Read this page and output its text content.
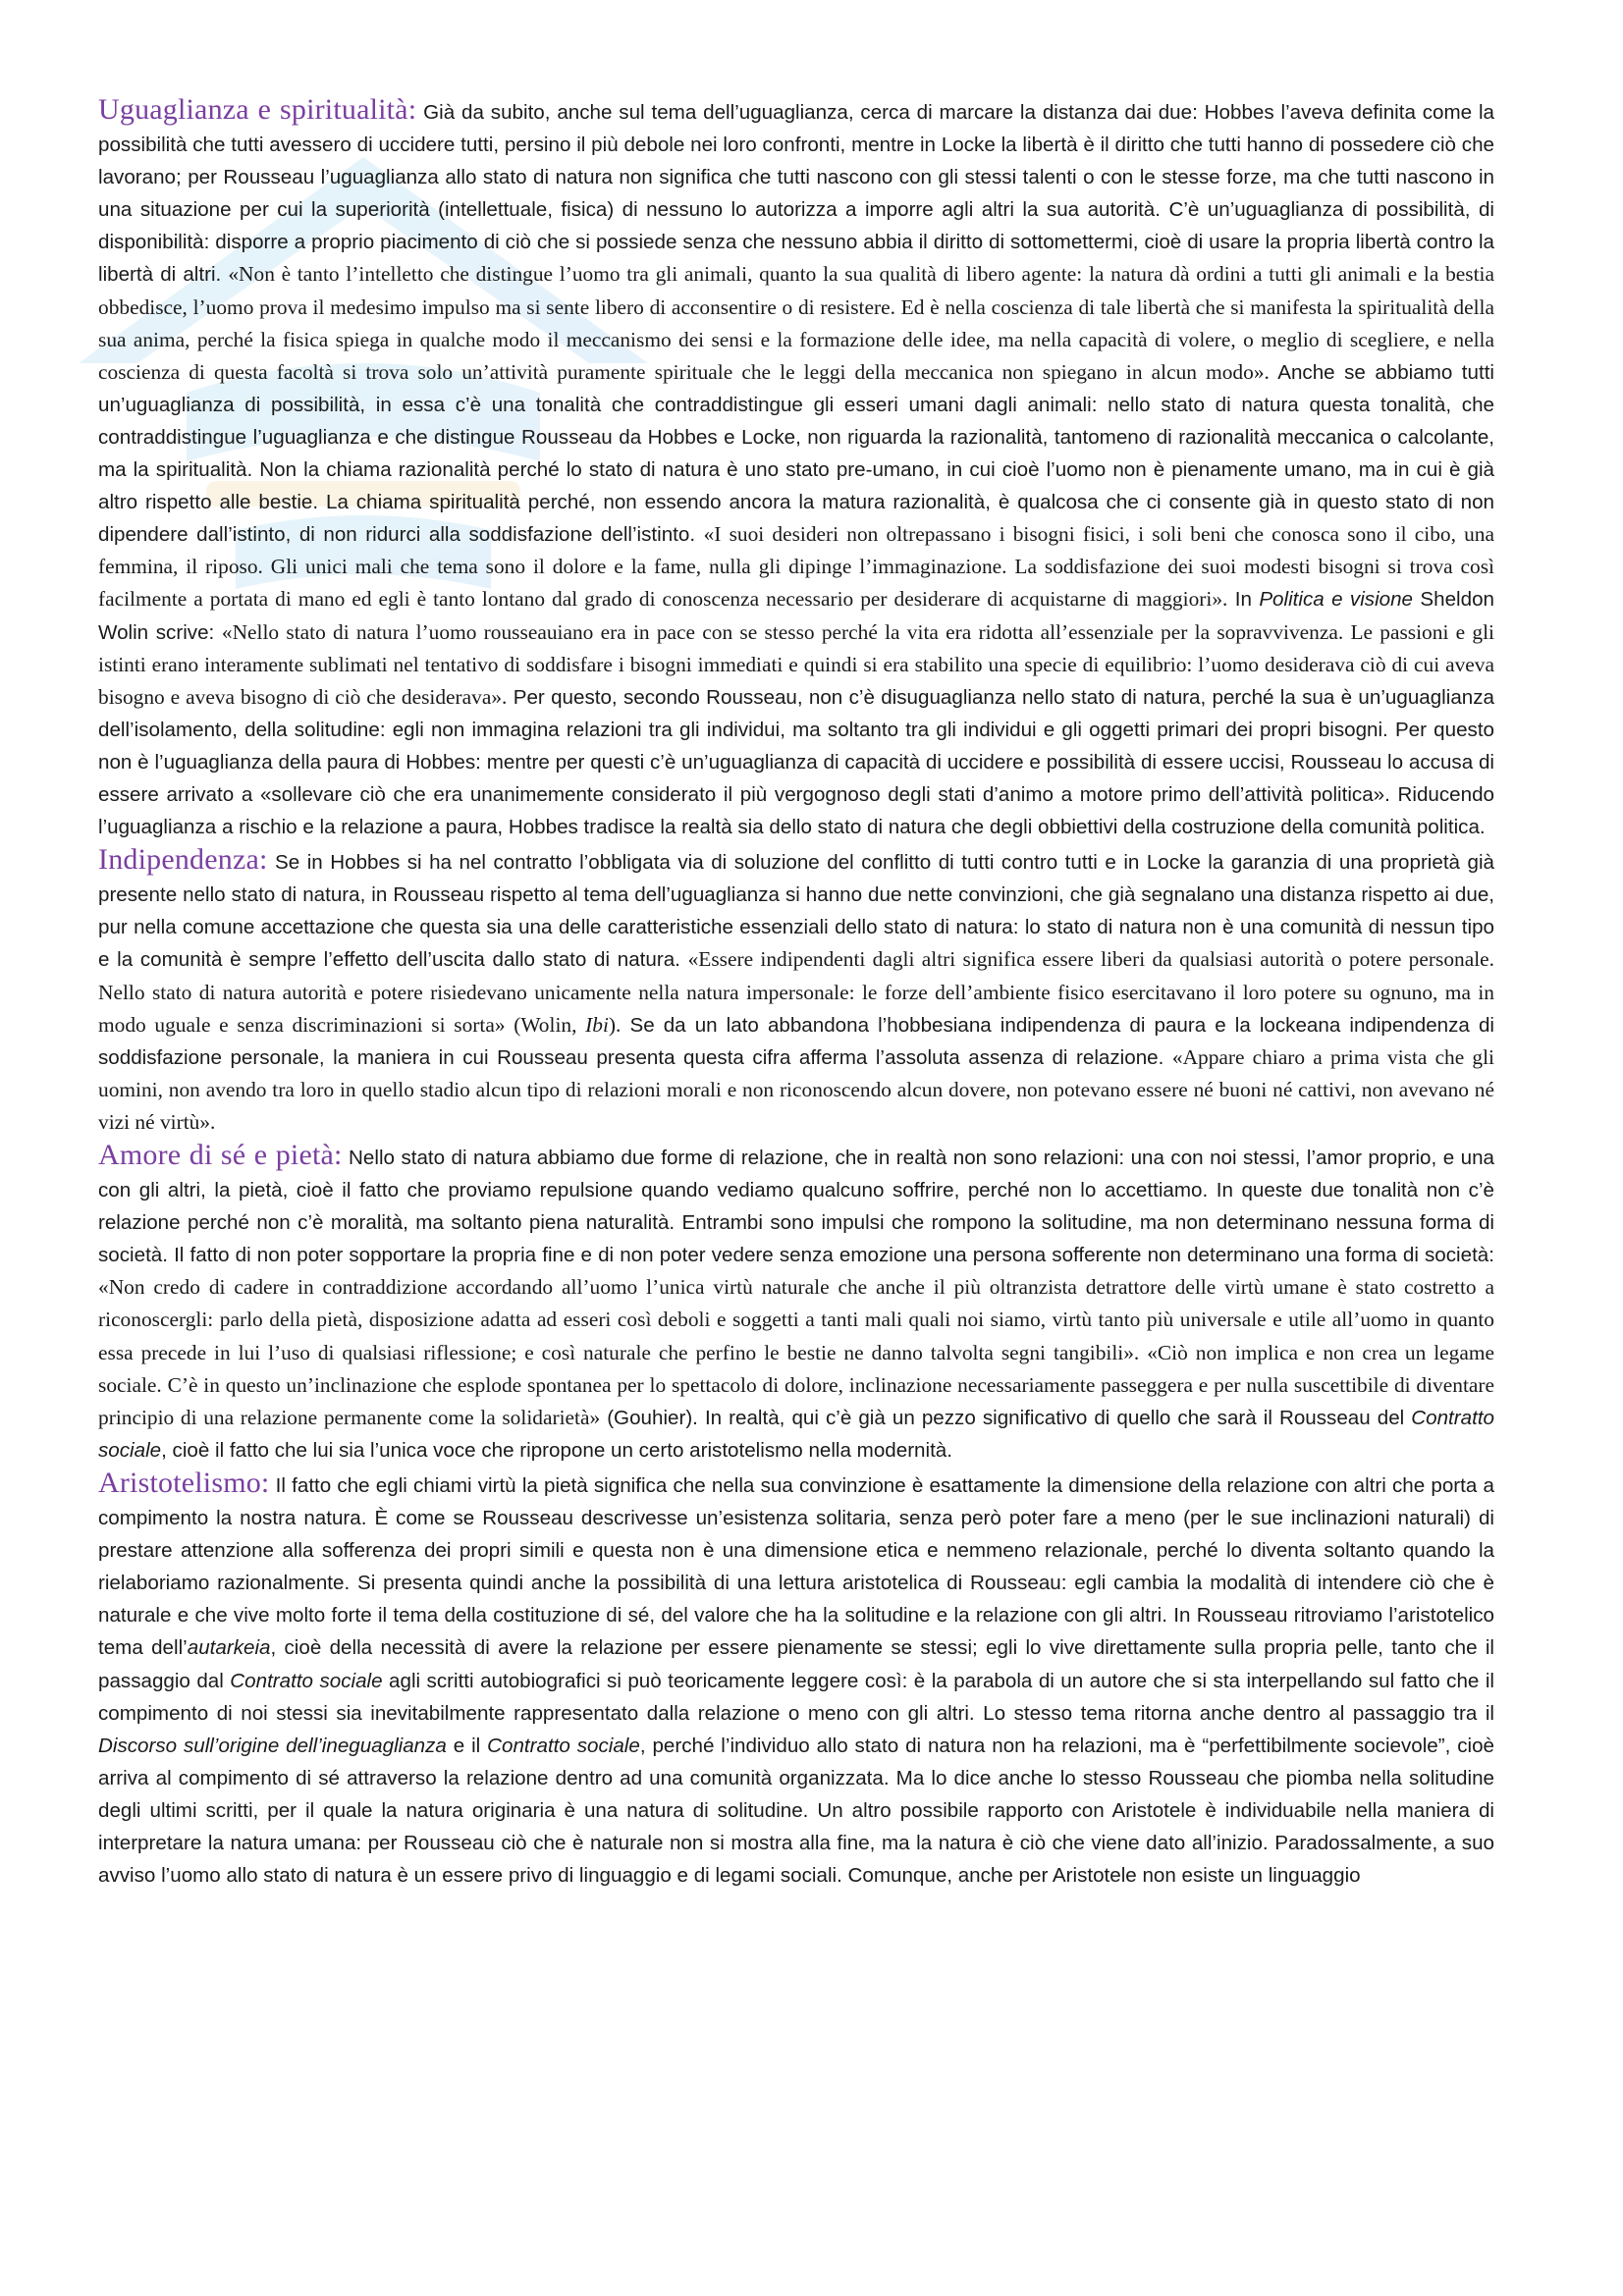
Uguaglianza e spiritualità: Già da subito, anche sul tema dell’uguaglianza, cerca di marcare la distanza dai due: Hobbes l’aveva definita come la possibilità che tutti avessero di uccidere tutti, persino il più debole nei loro confronti, mentre in Locke la libertà è il diritto che tutti hanno di possedere ciò che lavorano; per Rousseau l’uguaglianza allo stato di natura non significa che tutti nascono con gli stessi talenti o con le stesse forze, ma che tutti nascono in una situazione per cui la superiorità (intellettuale, fisica) di nessuno lo autorizza a imporre agli altri la sua autorità. C’è un’uguaglianza di possibilità, di disponibilità: disporre a proprio piacimento di ciò che si possiede senza che nessuno abbia il diritto di sottomettermi, cioè di usare la propria libertà contro la libertà di altri. «Non è tanto l’intelletto che distingue l’uomo tra gli animali, quanto la sua qualità di libero agente: la natura dà ordini a tutti gli animali e la bestia obbedisce, l’uomo prova il medesimo impulso ma si sente libero di acconsentire o di resistere. Ed è nella coscienza di tale libertà che si manifesta la spiritualità della sua anima, perché la fisica spiega in qualche modo il meccanismo dei sensi e la formazione delle idee, ma nella capacità di volere, o meglio di scegliere, e nella coscienza di questa facoltà si trova solo un’attività puramente spirituale che le leggi della meccanica non spiegano in alcun modo». Anche se abbiamo tutti un’uguaglianza di possibilità, in essa c’è una tonalità che contraddistingue gli esseri umani dagli animali: nello stato di natura questa tonalità, che contraddistingue l’uguaglianza e che distingue Rousseau da Hobbes e Locke, non riguarda la razionalità, tantomeno di razionalità meccanica o calcolante, ma la spiritualità. Non la chiama razionalità perché lo stato di natura è uno stato pre-umano, in cui cioè l’uomo non è pienamente umano, ma in cui è già altro rispetto alle bestie. La chiama spiritualità perché, non essendo ancora la matura razionalità, è qualcosa che ci consente già in questo stato di non dipendere dall’istinto, di non ridurci alla soddisfazione dell’istinto. «I suoi desideri non oltrepassano i bisogni fisici, i soli beni che conosca sono il cibo, una femmina, il riposo. Gli unici mali che tema sono il dolore e la fame, nulla gli dipinge l’immaginazione. La soddisfazione dei suoi modesti bisogni si trova così facilmente a portata di mano ed egli è tanto lontano dal grado di conoscenza necessario per desiderare di acquistarne di maggiori». In Politica e visione Sheldon Wolin scrive: «Nello stato di natura l’uomo rousseauiano era in pace con se stesso perché la vita era ridotta all’essenziale per la sopravvivenza. Le passioni e gli istinti erano interamente sublimati nel tentativo di soddisfare i bisogni immediati e quindi si era stabilito una specie di equilibrio: l’uomo desiderava ciò di cui aveva bisogno e aveva bisogno di ciò che desiderava». Per questo, secondo Rousseau, non c’è disuguaglianza nello stato di natura, perché la sua è un’uguaglianza dell’isolamento, della solitudine: egli non immagina relazioni tra gli individui, ma soltanto tra gli individui e gli oggetti primari dei propri bisogni. Per questo non è l’uguaglianza della paura di Hobbes: mentre per questi c’è un’uguaglianza di capacità di uccidere e possibilità di essere uccisi, Rousseau lo accusa di essere arrivato a «sollevare ciò che era unanimemente considerato il più vergognoso degli stati d’animo a motore primo dell’attività politica». Riducendo l’uguaglianza a rischio e la relazione a paura, Hobbes tradisce la realtà sia dello stato di natura che degli obbiettivi della costruzione della comunità politica.

Indipendenza: Se in Hobbes si ha nel contratto l’obbligata via di soluzione del conflitto di tutti contro tutti e in Locke la garanzia di una proprietà già presente nello stato di natura, in Rousseau rispetto al tema dell’uguaglianza si hanno due nette convinzioni, che già segnalano una distanza rispetto ai due, pur nella comune accettazione che questa sia una delle caratteristiche essenziali dello stato di natura: lo stato di natura non è una comunità di nessun tipo e la comunità è sempre l’effetto dell’uscita dallo stato di natura. «Essere indipendenti dagli altri significa essere liberi da qualsiasi autorità o potere personale. Nello stato di natura autorità e potere risiedevano unicamente nella natura impersonale: le forze dell’ambiente fisico esercitavano il loro potere su ognuno, ma in modo uguale e senza discriminazioni si sorta» (Wolin, Ibi). Se da un lato abbandona l’hobbesiana indipendenza di paura e la lockeana indipendenza di soddisfazione personale, la maniera in cui Rousseau presenta questa cifra afferma l’assoluta assenza di relazione. «Appare chiaro a prima vista che gli uomini, non avendo tra loro in quello stadio alcun tipo di relazioni morali e non riconoscendo alcun dovere, non potevano essere né buoni né cattivi, non avevano né vizi né virtù».

Amore di sé e pietà: Nello stato di natura abbiamo due forme di relazione, che in realtà non sono relazioni: una con noi stessi, l’amor proprio, e una con gli altri, la pietà, cioè il fatto che proviamo repulsione quando vediamo qualcuno soffrire, perché non lo accettiamo. In queste due tonalità non c’è relazione perché non c’è moralità, ma soltanto piena naturalità. Entrambi sono impulsi che rompono la solitudine, ma non determinano nessuna forma di società. Il fatto di non poter sopportare la propria fine e di non poter vedere senza emozione una persona sofferente non determinano una forma di società: «Non credo di cadere in contraddizione accordando all’uomo l’unica virtù naturale che anche il più oltranzista detrattore delle virtù umane è stato costretto a riconoscergli: parlo della pietà, disposizione adatta ad esseri così deboli e soggetti a tanti mali quali noi siamo, virtù tanto più universale e utile all’uomo in quanto essa precede in lui l’uso di qualsiasi riflessione; e così naturale che perfino le bestie ne danno talvolta segni tangibili». «Ciò non implica e non crea un legame sociale. C’è in questo un’inclinazione che esplode spontanea per lo spettacolo di dolore, inclinazione necessariamente passeggera e per nulla suscettibile di diventare principio di una relazione permanente come la solidarietà» (Gouhier). In realtà, qui c’è già un pezzo significativo di quello che sarà il Rousseau del Contratto sociale, cioè il fatto che lui sia l’unica voce che ripropone un certo aristotelismo nella modernità.

Aristotelismo: Il fatto che egli chiami virtù la pietà significa che nella sua convinzione è esattamente la dimensione della relazione con altri che porta a compimento la nostra natura. È come se Rousseau descrivesse un’esistenza solitaria, senza però poter fare a meno (per le sue inclinazioni naturali) di prestare attenzione alla sofferenza dei propri simili e questa non è una dimensione etica e nemmeno relazionale, perché lo diventa soltanto quando la rielaboriamo razionalmente. Si presenta quindi anche la possibilità di una lettura aristotelica di Rousseau: egli cambia la modalità di intendere ciò che è naturale e che vive molto forte il tema della costituzione di sé, del valore che ha la solitudine e la relazione con gli altri. In Rousseau ritroviamo l’aristotelico tema dell’autarkeia, cioè della necessità di avere la relazione per essere pienamente se stessi; egli lo vive direttamente sulla propria pelle, tanto che il passaggio dal Contratto sociale agli scritti autobiografici si può teoricamente leggere così: è la parabola di un autore che si sta interpellando sul fatto che il compimento di noi stessi sia inevitabilmente rappresentato dalla relazione o meno con gli altri. Lo stesso tema ritorna anche dentro al passaggio tra il Discorso sull’origine dell’ineguaglianza e il Contratto sociale, perché l’individuo allo stato di natura non ha relazioni, ma è “perfettibilmente socievole”, cioè arriva al compimento di sé attraverso la relazione dentro ad una comunità organizzata. Ma lo dice anche lo stesso Rousseau che piomba nella solitudine degli ultimi scritti, per il quale la natura originaria è una natura di solitudine. Un altro possibile rapporto con Aristotele è individuabile nella maniera di interpretare la natura umana: per Rousseau ciò che è naturale non si mostra alla fine, ma la natura è ciò che viene dato all’inizio. Paradossalmente, a suo avviso l’uomo allo stato di natura è un essere privo di linguaggio e di legami sociali. Comunque, anche per Aristotele non esiste un linguaggio
